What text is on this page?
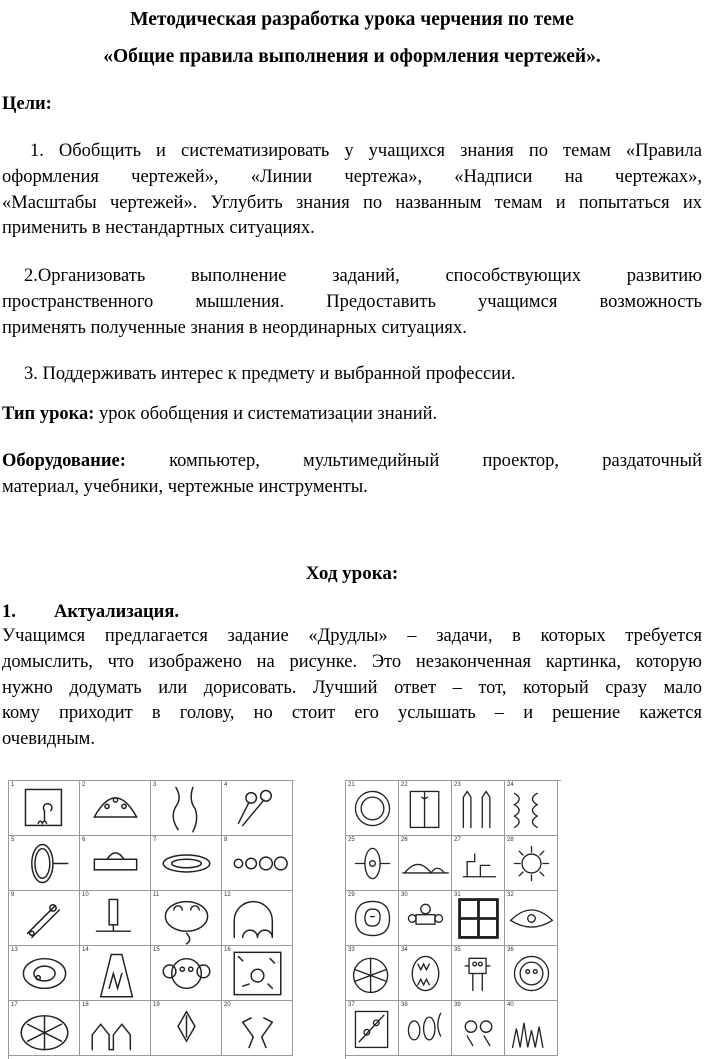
Методическая разработка урока черчения по теме
«Общие правила выполнения и оформления чертежей».
Цели:
1. Обобщить и систематизировать у учащихся знания по темам «Правила
оформления чертежей», «Линии чертежа», «Надписи на чертежах»,
«Масштабы чертежей». Углубить знания по названным темам и попытаться их
применить в нестандартных ситуациях.
2.Организовать выполнение заданий, способствующих развитию
пространственного мышления. Предоставить учащимся возможность
применять полученные знания в неординарных ситуациях.
3. Поддерживать интерес к предмету и выбранной профессии.
Тип урока: урок обобщения и систематизации знаний.
Оборудование: компьютер, мультимедийный проектор, раздаточный
материал, учебники, чертежные инструменты.
Ход урока:
1. Актуализация.
Учащимся предлагается задание «Друдлы» – задачи, в которых требуется
домыслить, что изображено на рисунке. Это незаконченная картинка, которую
нужно додумать или дорисовать. Лучший ответ – тот, который сразу мало
кому приходит в голову, но стоит его услышать – и решение кажется
очевидным.
1	2	3	4
5	6	7	8
9	10	11	12
13	14	15	16
17	18	19	20
21	22	23	24
25	26	27	28
29	30	31	32
33	34	35	36
37	38	39	40
